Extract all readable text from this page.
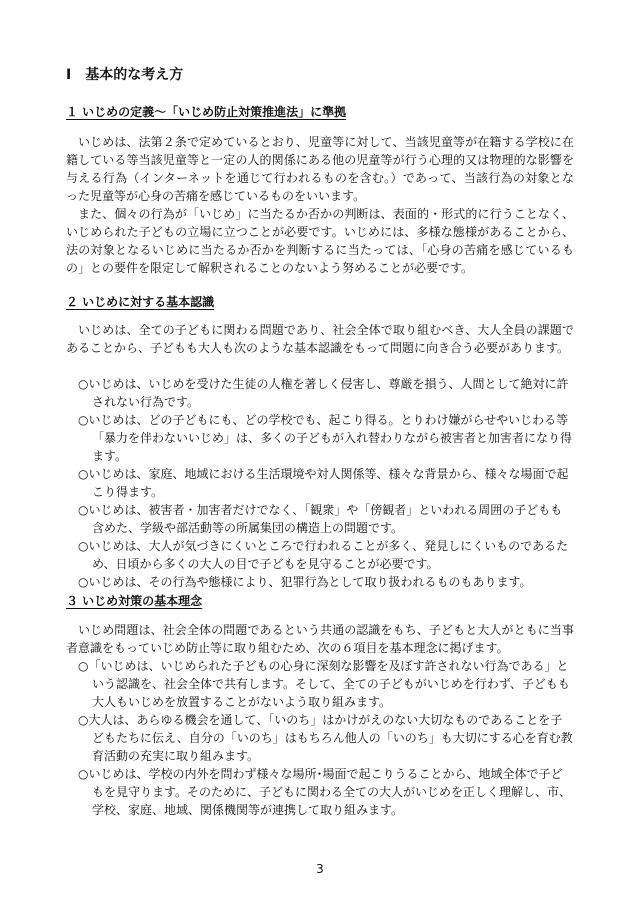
Ⅰ　基本的な考え方
１ いじめの定義～「いじめ防止対策推進法」に準拠

いじめは、法第２条で定めているとおり、児童等に対して、当該児童等が在籍する学校に在籍している等当該児童等と一定の人的関係にある他の児童等が行う心理的又は物理的な影響を与える行為（インターネットを通じて行われるものを含む。）であって、当該行為の対象となった児童等が心身の苦痛を感じているものをいいます。

また、個々の行為が「いじめ」に当たるか否かの判断は、表面的・形式的に行うことなく、いじめられた子どもの立場に立つことが必要です。いじめには、多様な態様があることから、法の対象となるいじめに当たるか否かを判断するに当たっては、「心身の苦痛を感じているもの」との要件を限定して解釈されることのないよう努めることが必要です。

２ いじめに対する基本認識

いじめは、全ての子どもに関わる問題であり、社会全体で取り組むべき、大人全員の課題であることから、子どもも大人も次のような基本認識をもって問題に向き合う必要があります。

○いじめは、いじめを受けた生徒の人権を著しく侵害し、尊厳を損う、人間として絶対に許されない行為です。
○いじめは、どの子どもにも、どの学校でも、起こり得る。とりわけ嫌がらせやいじわる等「暴力を伴わないいじめ」は、多くの子どもが入れ替わりながら被害者と加害者になり得ます。
○いじめは、家庭、地域における生活環境や対人関係等、様々な背景から、様々な場面で起こり得ます。
○いじめは、被害者・加害者だけでなく、「観衆」や「傍観者」といわれる周囲の子どもも含めた、学級や部活動等の所属集団の構造上の問題です。
○いじめは、大人が気づきにくいところで行われることが多く、発見しにくいものであるため、日頃から多くの大人の目で子どもを見守ることが必要です。
○いじめは、その行為や態様により、犯罪行為として取り扱われるものもあります。
３ いじめ対策の基本理念

いじめ問題は、社会全体の問題であるという共通の認識をもち、子どもと大人がともに当事者意識をもっていじめ防止等に取り組むため、次の６項目を基本理念に掲げます。

○「いじめは、いじめられた子どもの心身に深刻な影響を及ぼす許されない行為である」という認識を、社会全体で共有します。そして、全ての子どもがいじめを行わず、子どもも大人もいじめを放置することがないよう取り組みます。
○大人は、あらゆる機会を通して、「いのち」はかけがえのない大切なものであることを子どもたちに伝え、自分の「いのち」はもちろん他人の「いのち」も大切にする心を育む教育活動の充実に取り組みます。
○いじめは、学校の内外を問わず様々な場所･場面で起こりうることから、地域全体で子どもを見守ります。そのために、子どもに関わる全ての大人がいじめを正しく理解し、市、学校、家庭、地域、関係機関等が連携して取り組みます。
3
